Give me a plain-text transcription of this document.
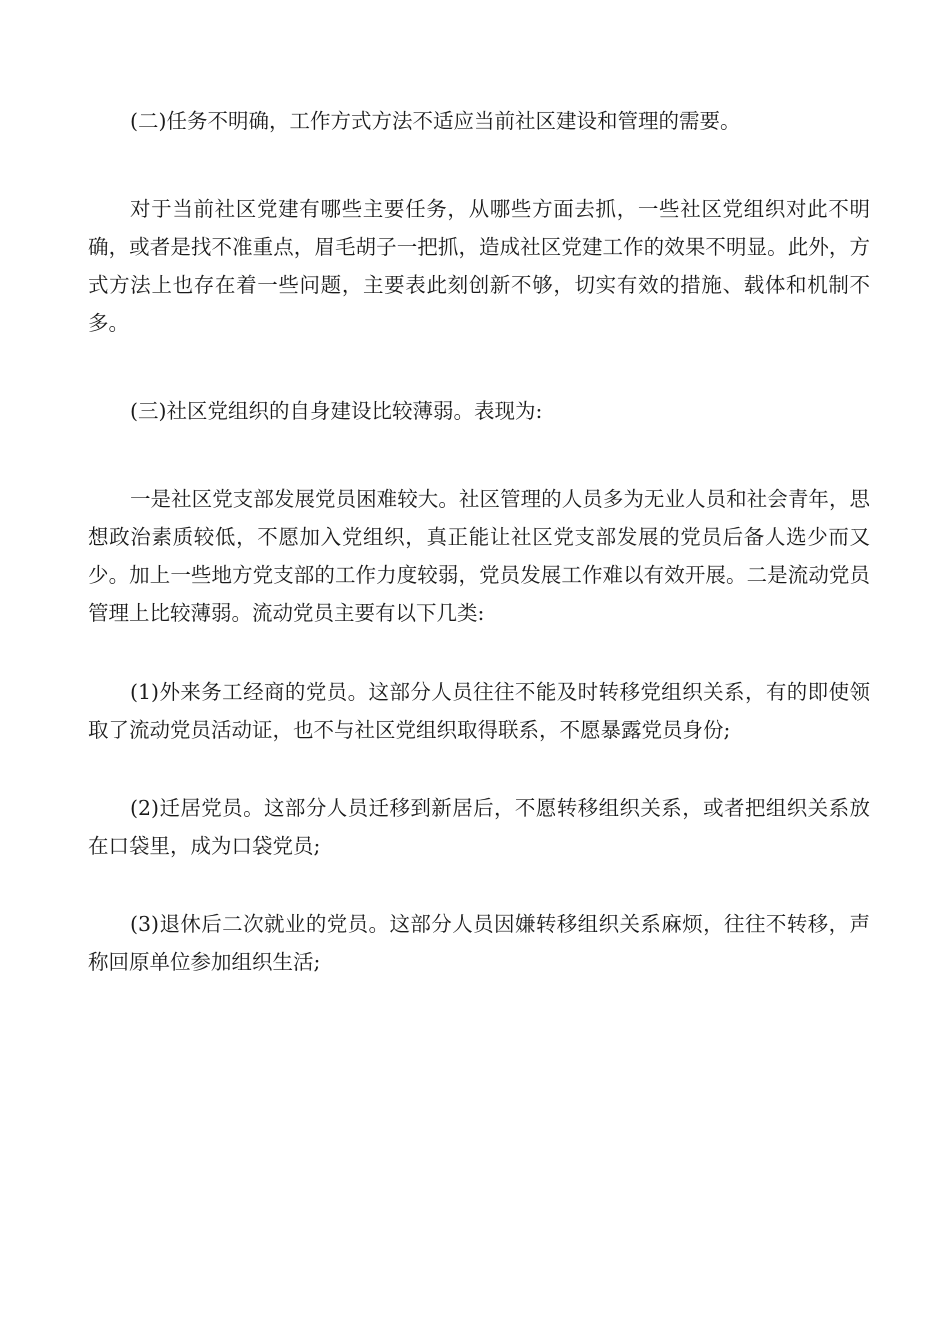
(二)任务不明确，工作方式方法不适应当前社区建设和管理的需要。

对于当前社区党建有哪些主要任务，从哪些方面去抓，一些社区党组织对此不明确，或者是找不准重点，眉毛胡子一把抓，造成社区党建工作的效果不明显。此外，方式方法上也存在着一些问题，主要表此刻创新不够，切实有效的措施、载体和机制不多。

(三)社区党组织的自身建设比较薄弱。表现为:

一是社区党支部发展党员困难较大。社区管理的人员多为无业人员和社会青年，思想政治素质较低，不愿加入党组织，真正能让社区党支部发展的党员后备人选少而又少。加上一些地方党支部的工作力度较弱，党员发展工作难以有效开展。二是流动党员管理上比较薄弱。流动党员主要有以下几类:

(1)外来务工经商的党员。这部分人员往往不能及时转移党组织关系，有的即使领取了流动党员活动证，也不与社区党组织取得联系，不愿暴露党员身份;

(2)迁居党员。这部分人员迁移到新居后，不愿转移组织关系，或者把组织关系放在口袋里，成为口袋党员;

(3)退休后二次就业的党员。这部分人员因嫌转移组织关系麻烦，往往不转移，声称回原单位参加组织生活;
